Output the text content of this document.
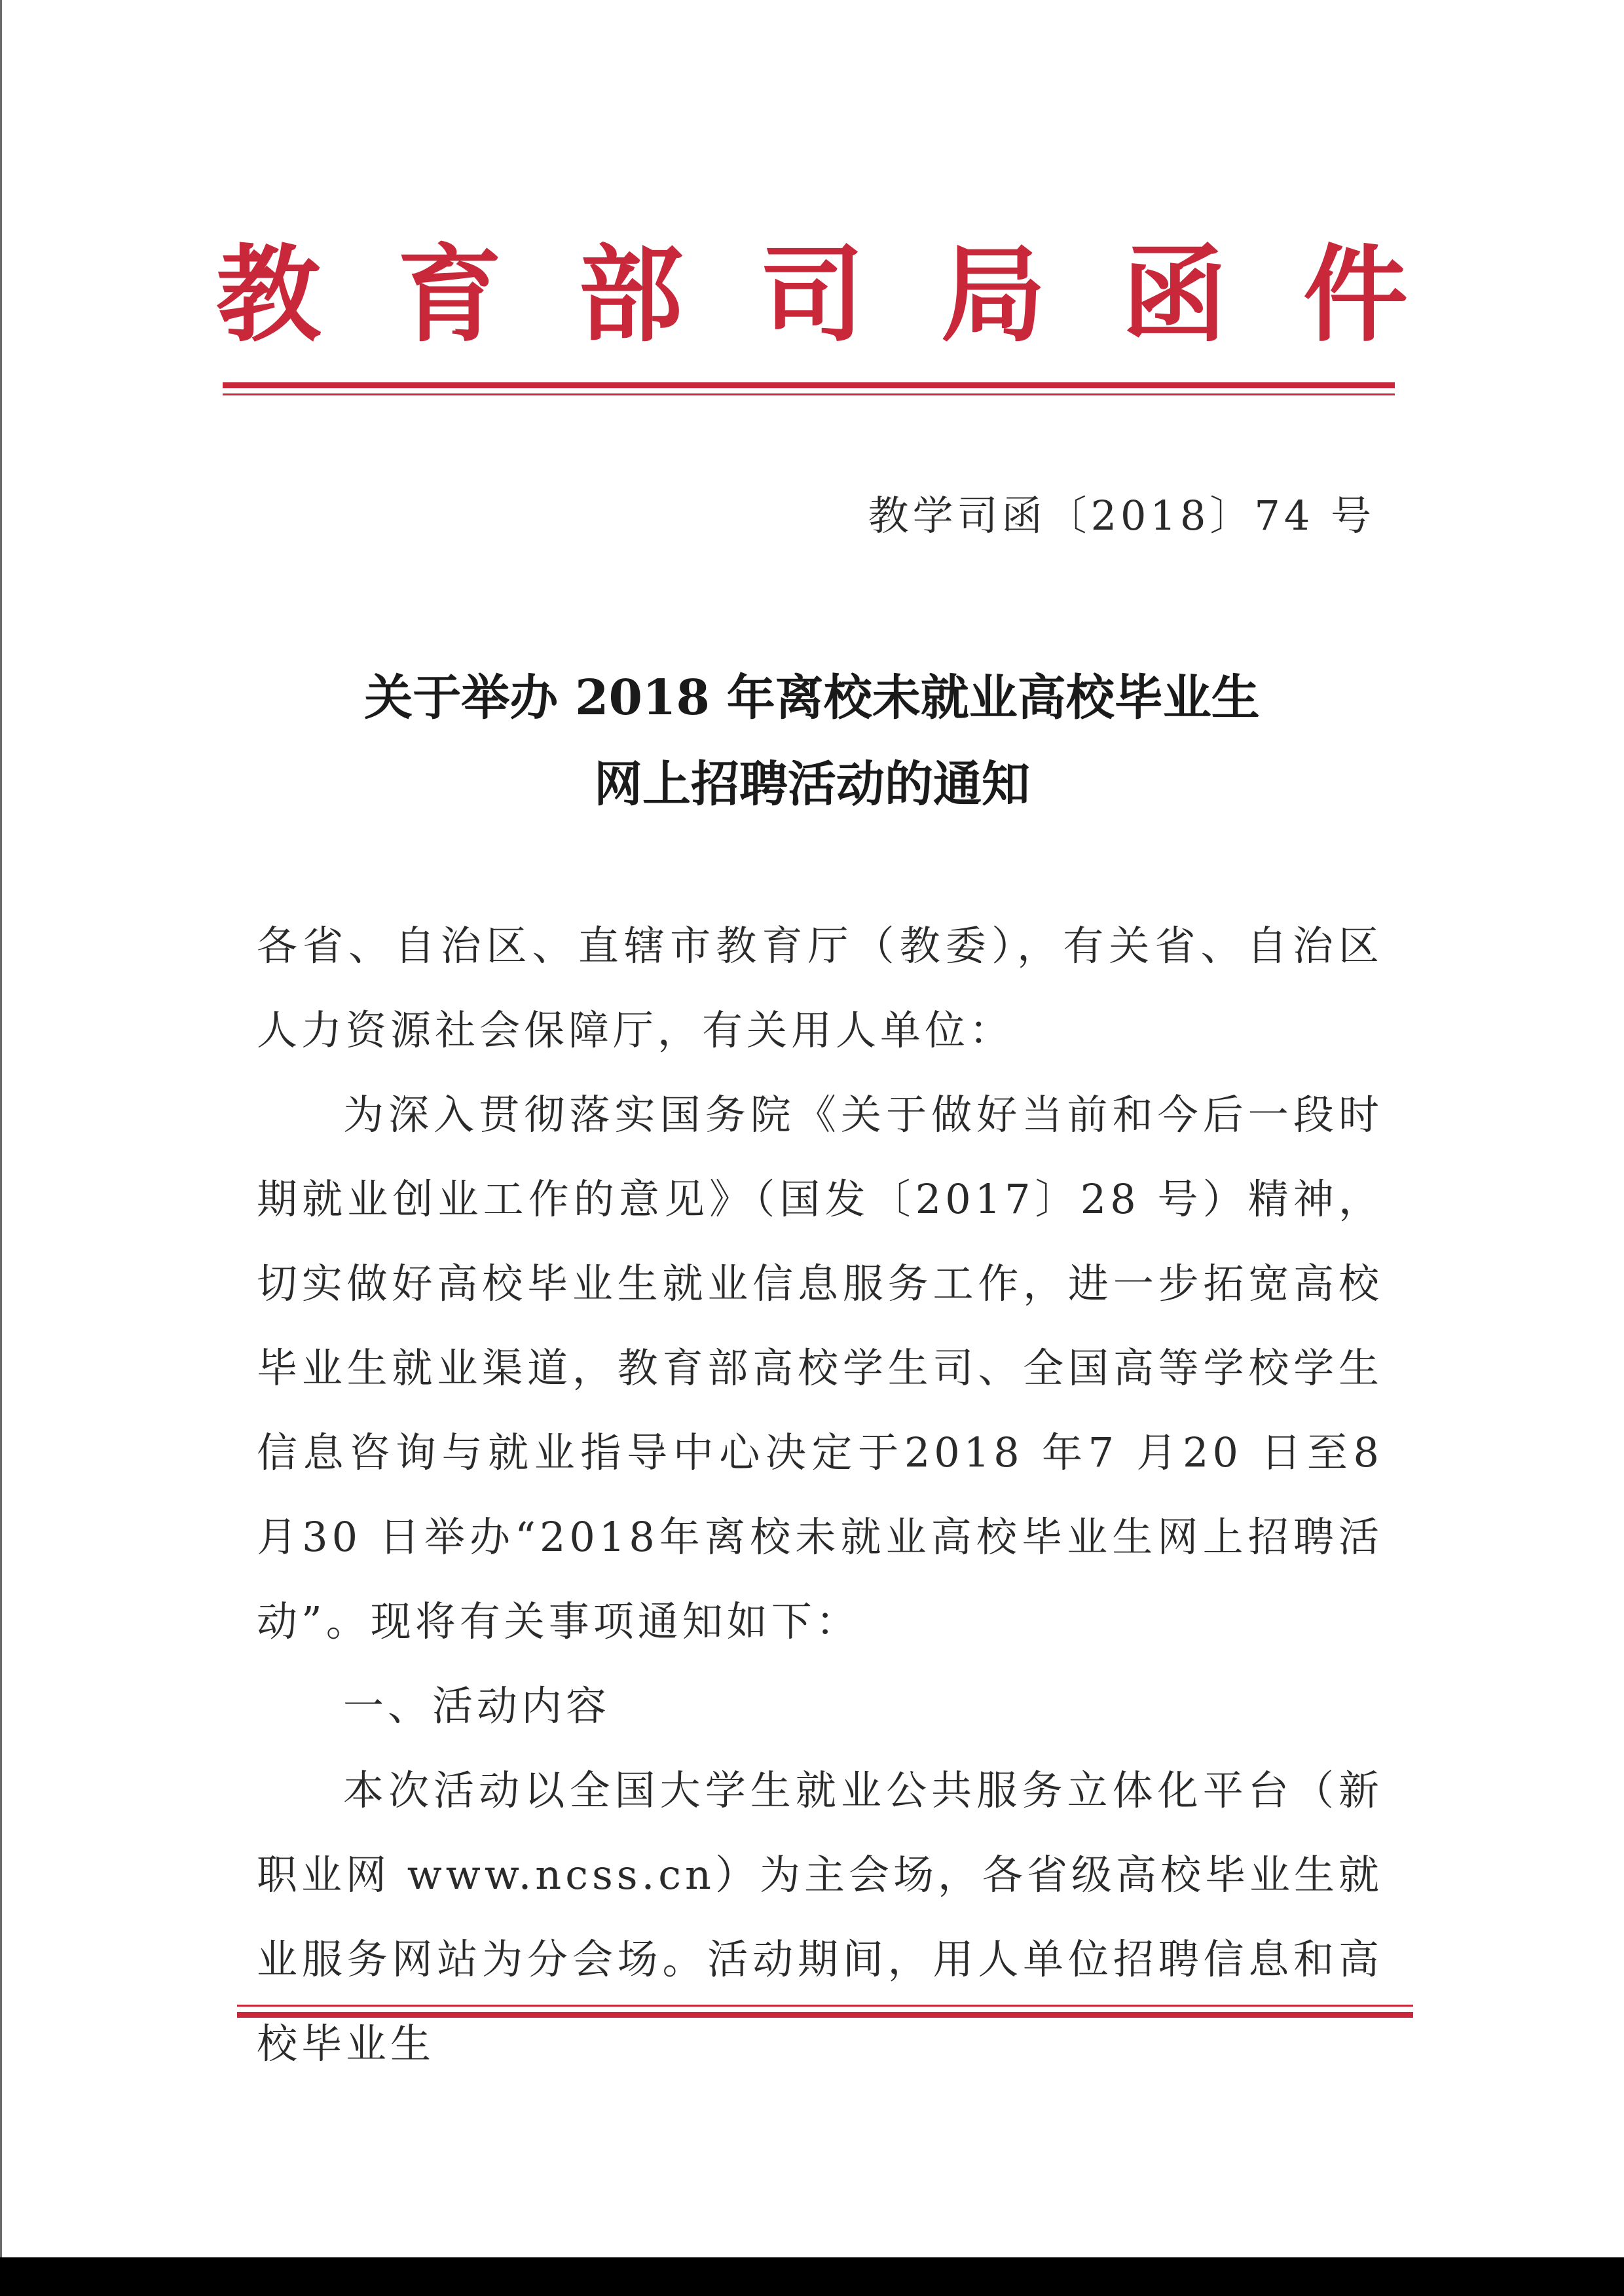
教 育 部 司 局 函 件
教学司函〔2018〕74 号
关于举办 2018 年离校未就业高校毕业生
网上招聘活动的通知

各省、自治区、直辖市教育厅（教委），有关省、自治区人力资源社会保障厅，有关用人单位：

为深入贯彻落实国务院《关于做好当前和今后一段时期就业创业工作的意见》（国发〔2017〕28 号）精神，切实做好高校毕业生就业信息服务工作，进一步拓宽高校毕业生就业渠道，教育部高校学生司、全国高等学校学生信息咨询与就业指导中心决定于2018 年7 月20 日至8 月30 日举办“2018年离校未就业高校毕业生网上招聘活动”。现将有关事项通知如下：

一、活动内容

本次活动以全国大学生就业公共服务立体化平台（新职业网 www.ncss.cn）为主会场，各省级高校毕业生就业服务网站为分会场。活动期间，用人单位招聘信息和高校毕业生
